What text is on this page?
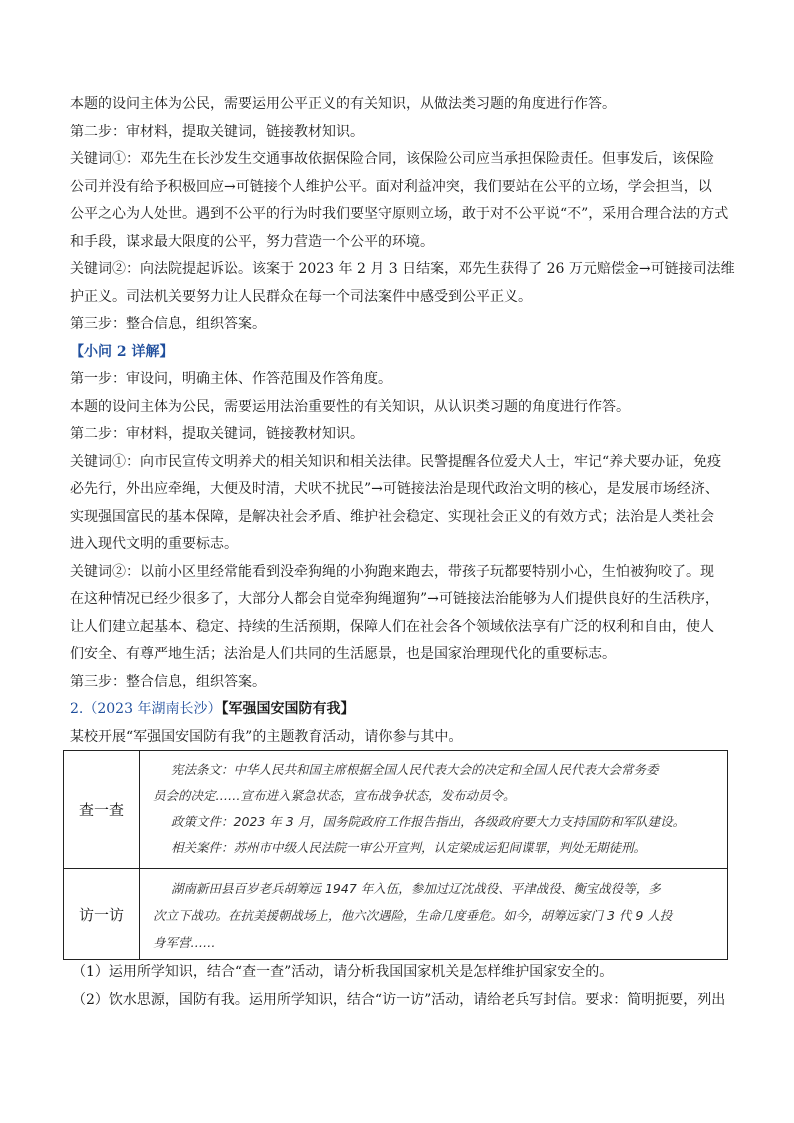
本题的设问主体为公民，需要运用公平正义的有关知识，从做法类习题的角度进行作答。
第二步：审材料，提取关键词，链接教材知识。
关键词①：邓先生在长沙发生交通事故依据保险合同，该保险公司应当承担保险责任。但事发后，该保险
公司并没有给予积极回应→可链接个人维护公平。面对利益冲突，我们要站在公平的立场，学会担当，以
公平之心为人处世。遇到不公平的行为时我们要坚守原则立场，敢于对不公平说“不”，采用合理合法的方式
和手段，谋求最大限度的公平，努力营造一个公平的环境。
关键词②：向法院提起诉讼。该案于 2023 年 2 月 3 日结案，邓先生获得了 26 万元赔偿金→可链接司法维
护正义。司法机关要努力让人民群众在每一个司法案件中感受到公平正义。
第三步：整合信息，组织答案。
【小问 2 详解】
第一步：审设问，明确主体、作答范围及作答角度。
本题的设问主体为公民，需要运用法治重要性的有关知识，从认识类习题的角度进行作答。
第二步：审材料，提取关键词，链接教材知识。
关键词①：向市民宣传文明养犬的相关知识和相关法律。民警提醒各位爱犬人士，牢记“养犬要办证，免疫
必先行，外出应牵绳，大便及时清，犬吠不扰民”→可链接法治是现代政治文明的核心，是发展市场经济、
实现强国富民的基本保障，是解决社会矛盾、维护社会稳定、实现社会正义的有效方式；法治是人类社会
进入现代文明的重要标志。
关键词②：以前小区里经常能看到没牵狗绳的小狗跑来跑去，带孩子玩都要特别小心，生怕被狗咬了。现
在这种情况已经少很多了，大部分人都会自觉牵狗绳遛狗”→可链接法治能够为人们提供良好的生活秩序，
让人们建立起基本、稳定、持续的生活预期，保障人们在社会各个领域依法享有广泛的权利和自由，使人
们安全、有尊严地生活；法治是人们共同的生活愿景，也是国家治理现代化的重要标志。
第三步：整合信息，组织答案。
2.（2023 年湖南长沙）【军强国安国防有我】
某校开展“军强国安国防有我”的主题教育活动，请你参与其中。
查一查
宪法条文：中华人民共和国主席根据全国人民代表大会的决定和全国人民代表大会常务委
员会的决定……宣布进入紧急状态，宣布战争状态，发布动员令。
政策文件：2023 年 3 月，国务院政府工作报告指出，各级政府要大力支持国防和军队建设。
相关案件：苏州市中级人民法院一审公开宣判，认定梁成运犯间谍罪，判处无期徒刑。
访一访
湖南新田县百岁老兵胡筹远 1947 年入伍，参加过辽沈战役、平津战役、衡宝战役等，多
次立下战功。在抗美援朝战场上，他六次遇险，生命几度垂危。如今，胡筹远家门 3 代 9 人投
身军营……
（1）运用所学知识，结合“查一查”活动，请分析我国国家机关是怎样维护国家安全的。
（2）饮水思源，国防有我。运用所学知识，结合“访一访”活动，请给老兵写封信。要求：简明扼要，列出
